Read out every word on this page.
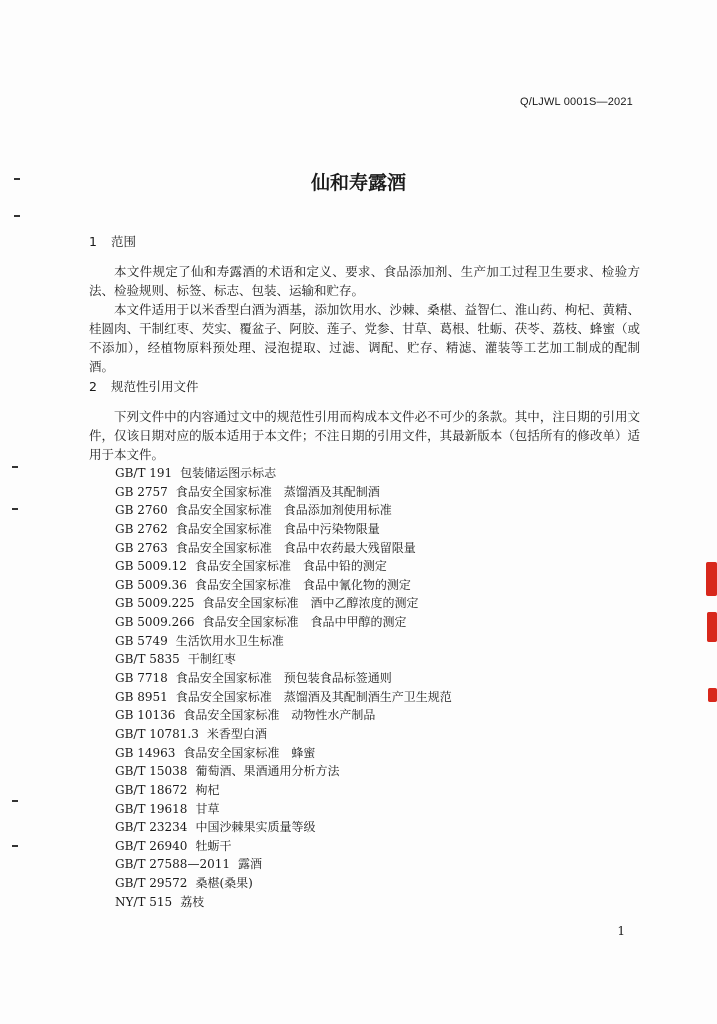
Q/LJWL 0001S—2021
仙和寿露酒
1 范围
本文件规定了仙和寿露酒的术语和定义、要求、食品添加剂、生产加工过程卫生要求、检验方法、检验规则、标签、标志、包装、运输和贮存。
本文件适用于以米香型白酒为酒基，添加饮用水、沙棘、桑椹、益智仁、淮山药、枸杞、黄精、桂圆肉、干制红枣、芡实、覆盆子、阿胶、莲子、党参、甘草、葛根、牡蛎、茯苓、荔枝、蜂蜜（或不添加），经植物原料预处理、浸泡提取、过滤、调配、贮存、精滤、灌装等工艺加工制成的配制酒。
2 规范性引用文件
下列文件中的内容通过文中的规范性引用而构成本文件必不可少的条款。其中，注日期的引用文件，仅该日期对应的版本适用于本文件；不注日期的引用文件，其最新版本（包括所有的修改单）适用于本文件。
GB/T 191 包装储运图示标志
GB 2757 食品安全国家标准　蒸馏酒及其配制酒
GB 2760 食品安全国家标准　食品添加剂使用标准
GB 2762 食品安全国家标准　食品中污染物限量
GB 2763 食品安全国家标准　食品中农药最大残留限量
GB 5009.12 食品安全国家标准　食品中铅的测定
GB 5009.36 食品安全国家标准　食品中氰化物的测定
GB 5009.225 食品安全国家标准　酒中乙醇浓度的测定
GB 5009.266 食品安全国家标准　食品中甲醇的测定
GB 5749 生活饮用水卫生标准
GB/T 5835 干制红枣
GB 7718 食品安全国家标准　预包装食品标签通则
GB 8951 食品安全国家标准　蒸馏酒及其配制酒生产卫生规范
GB 10136 食品安全国家标准　动物性水产制品
GB/T 10781.3 米香型白酒
GB 14963 食品安全国家标准　蜂蜜
GB/T 15038 葡萄酒、果酒通用分析方法
GB/T 18672 枸杞
GB/T 19618 甘草
GB/T 23234 中国沙棘果实质量等级
GB/T 26940 牡蛎干
GB/T 27588—2011 露酒
GB/T 29572 桑椹(桑果)
NY/T 515 荔枝
1
